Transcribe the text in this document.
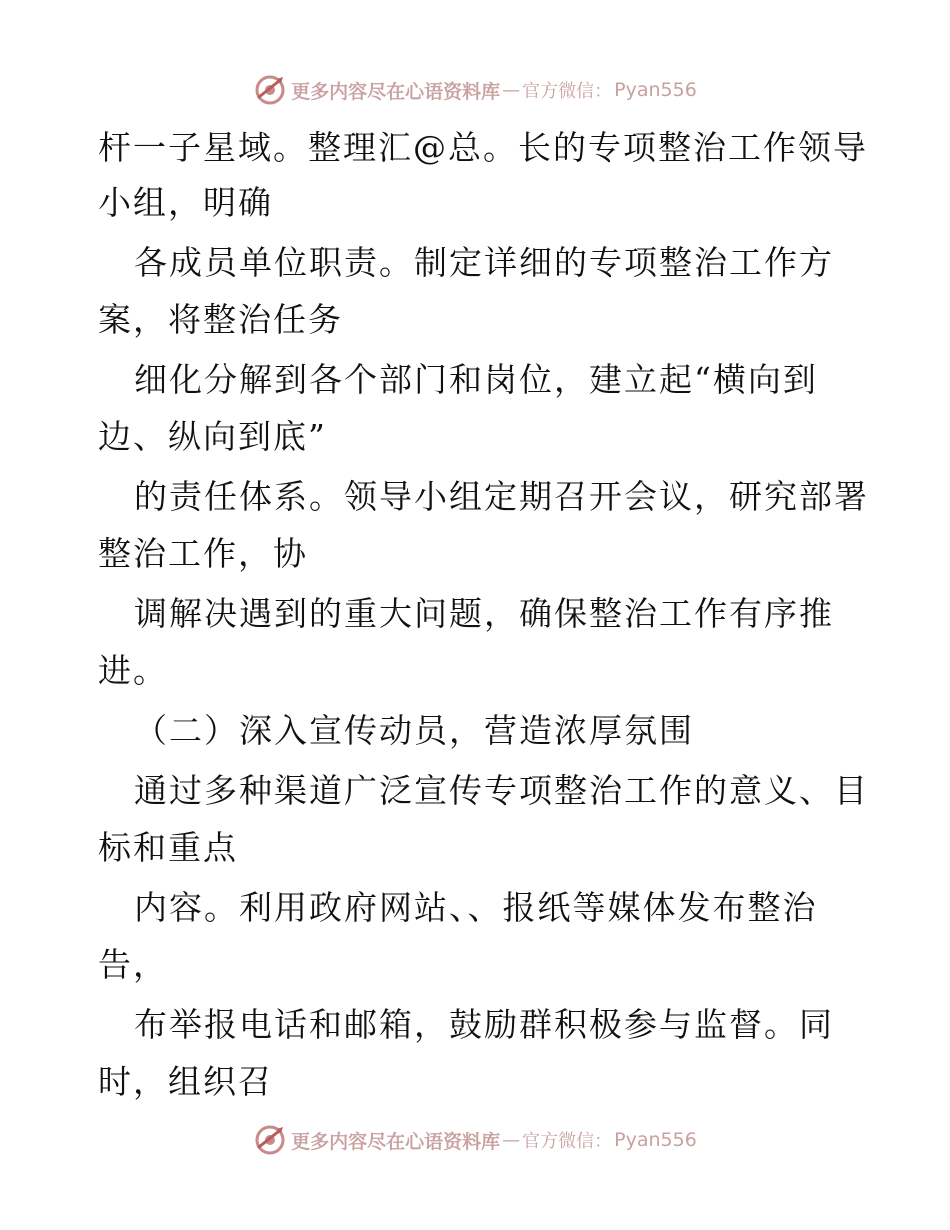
更多内容尽在心语资料库 — 官方微信： Pyan556
杆一子星域。整理汇@总。长的专项整治工作领导
小组，明确
各成员单位职责。制定详细的专项整治工作方
案，将整治任务
细化分解到各个部门和岗位，建立起“横向到
边、纵向到底”
的责任体系。领导小组定期召开会议，研究部署
整治工作，协
调解决遇到的重大问题，确保整治工作有序推
进。
（二）深入宣传动员，营造浓厚氛围
通过多种渠道广泛宣传专项整治工作的意义、目
标和重点
内容。利用政府网站、、报纸等媒体发布整治
告，
布举报电话和邮箱，鼓励群积极参与监督。同
时，组织召
更多内容尽在心语资料库 — 官方微信： Pyan556
